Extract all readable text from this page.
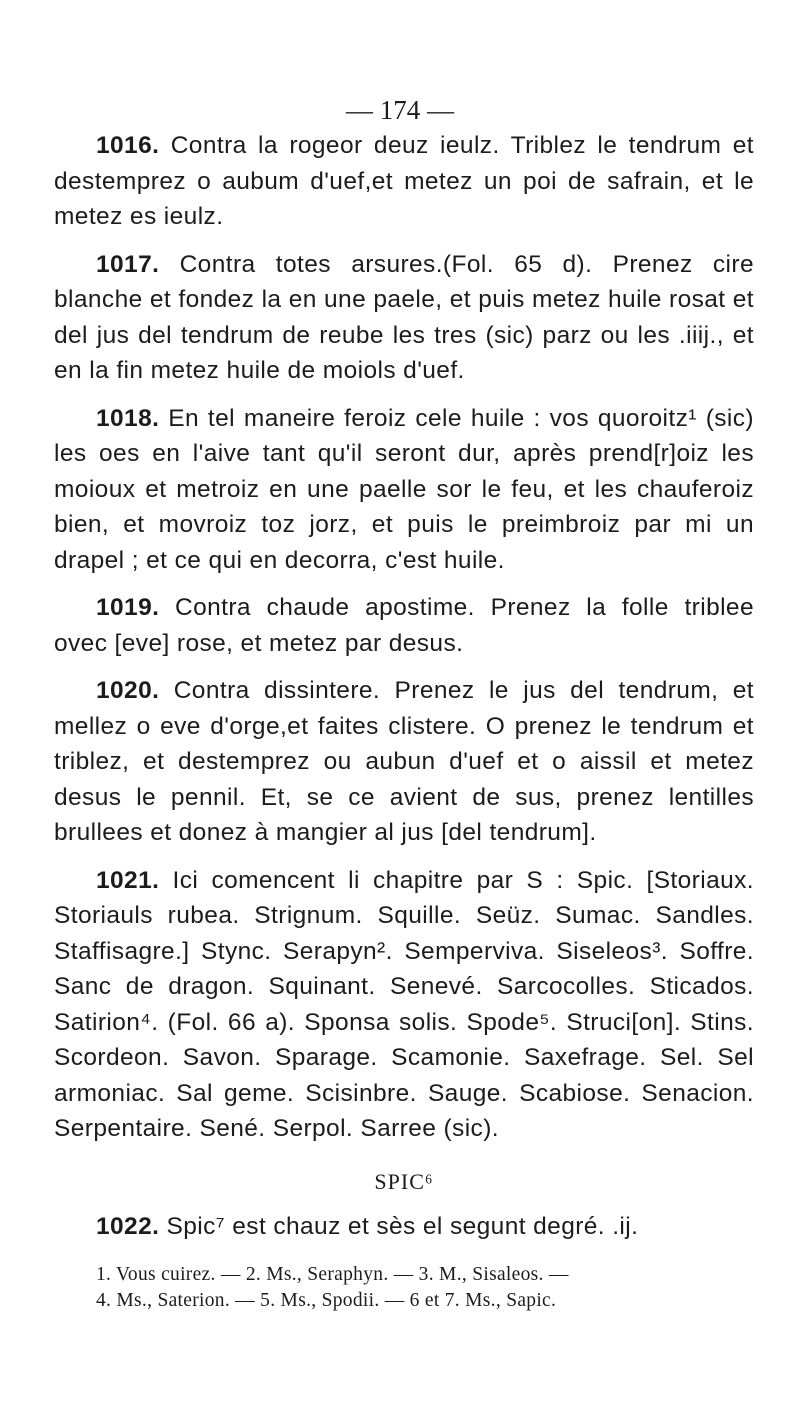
— 174 —

1016. Contra la rogeor deuz ieulz. Triblez le tendrum et destemprez o aubum d'uef,et metez un poi de safrain, et le metez es ieulz.

1017. Contra totes arsures.(Fol. 65 d). Prenez cire blanche et fondez la en une paele, et puis metez huile rosat et del jus del tendrum de reube les tres (sic) parz ou les .iiij., et en la fin metez huile de moiols d'uef.

1018. En tel maneire feroiz cele huile : vos quoroitz¹ (sic) les oes en l'aive tant qu'il seront dur, après prend[r]oiz les moioux et metroiz en une paelle sor le feu, et les chauferoiz bien, et movroiz toz jorz, et puis le preimbroiz par mi un drapel ; et ce qui en decorra, c'est huile.

1019. Contra chaude apostime. Prenez la folle triblee ovec [eve] rose, et metez par desus.

1020. Contra dissintere. Prenez le jus del tendrum, et mellez o eve d'orge,et faites clistere. O prenez le tendrum et triblez, et destemprez ou aubun d'uef et o aissil et metez desus le pennil. Et, se ce avient de sus, prenez lentilles brullees et donez à mangier al jus [del tendrum].

1021. Ici comencent li chapitre par S : Spic. [Storiaux. Storiauls rubea. Strignum. Squille. Seüz. Sumac. Sandles. Staffisagre.] Stync. Serapyn². Semperviva. Siseleos³. Soffre. Sanc de dragon. Squinant. Senevé. Sarcocolles. Sticados. Satirion⁴. (Fol. 66 a). Sponsa solis. Spode⁵. Struci[on]. Stins. Scordeon. Savon. Sparage. Scamonie. Saxefrage. Sel. Sel armoniac. Sal geme. Scisinbre. Sauge. Scabiose. Senacion. Serpentaire. Sené. Serpol. Sarree (sic).

SPIC⁶

1022. Spic⁷ est chauz et sès el segunt degré. .ij.

1. Vous cuirez. — 2. Ms., Seraphyn. — 3. M., Sisaleos. —
4. Ms., Saterion. — 5. Ms., Spodii. — 6 et 7. Ms., Sapic.
